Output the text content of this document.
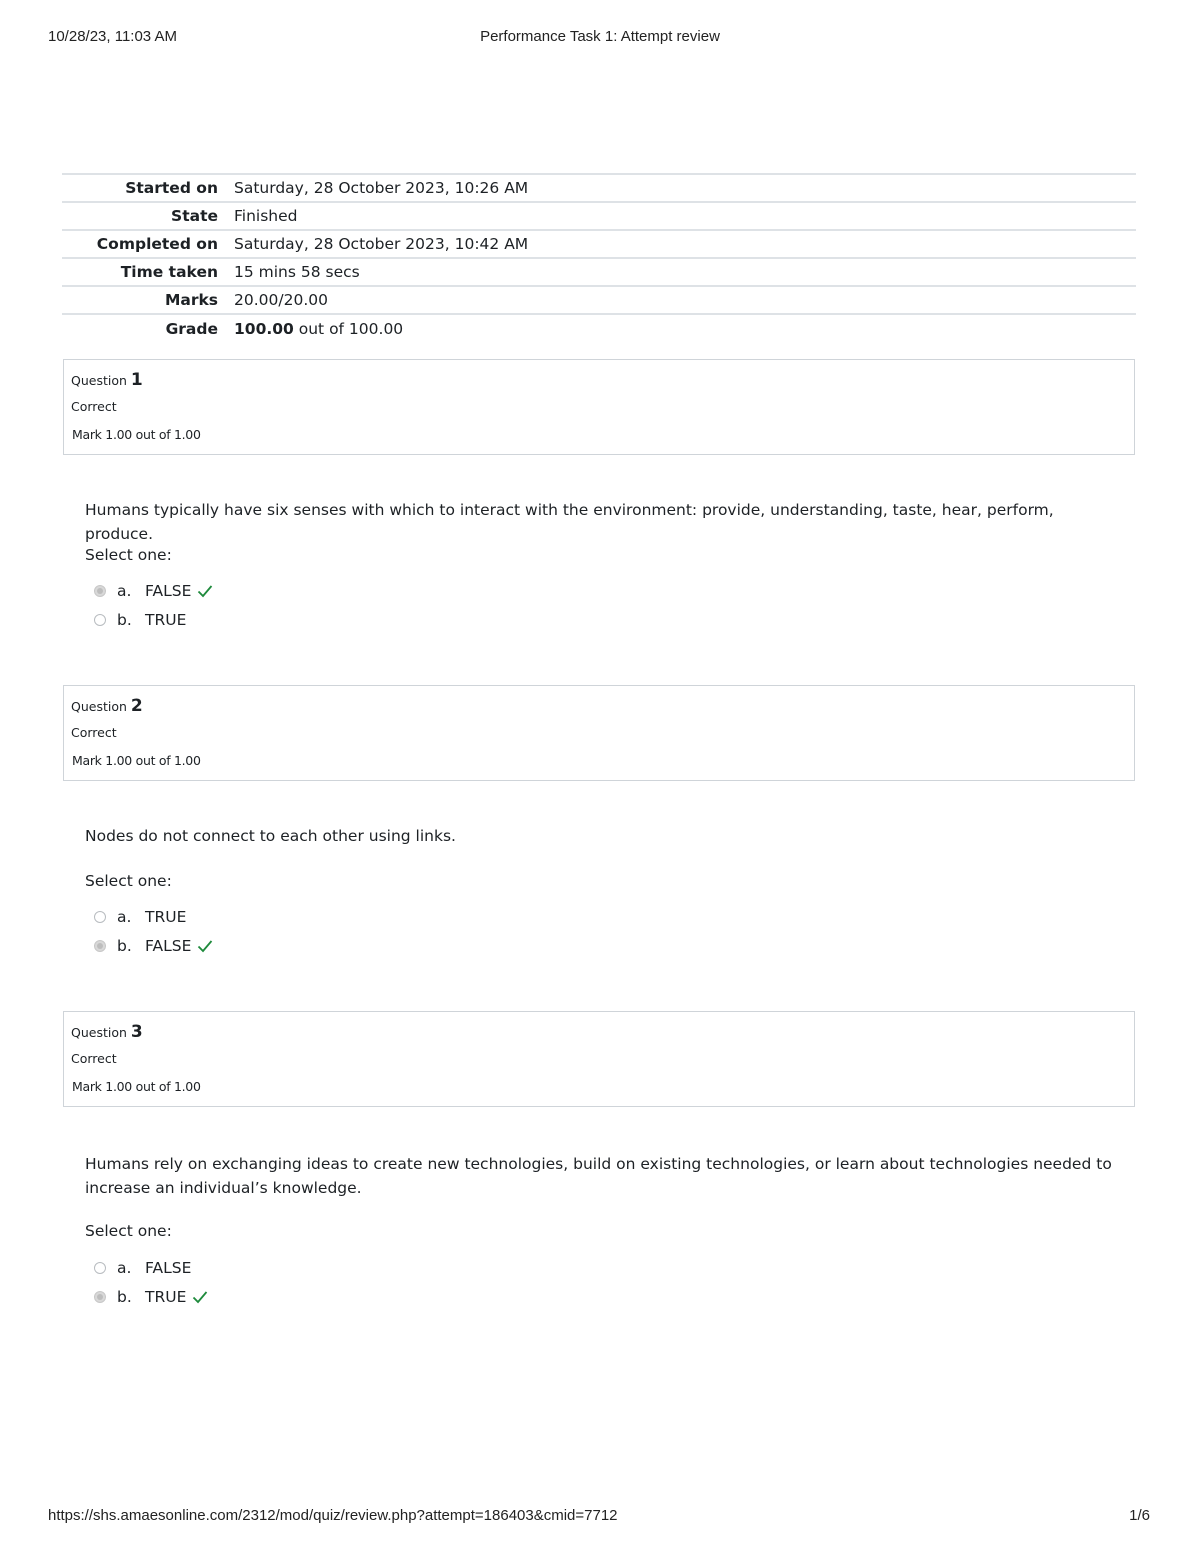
10/28/23, 11:03 AM	Performance Task 1: Attempt review
Started on	Saturday, 28 October 2023, 10:26 AM
State	Finished
Completed on	Saturday, 28 October 2023, 10:42 AM
Time taken	15 mins 58 secs
Marks	20.00/20.00
Grade	100.00 out of 100.00
Question 1
Correct
Mark 1.00 out of 1.00
Humans typically have six senses with which to interact with the environment: provide, understanding, taste, hear, perform, produce.
Select one:
a. FALSE
b. TRUE
Question 2
Correct
Mark 1.00 out of 1.00
Nodes do not connect to each other using links.
Select one:
a. TRUE
b. FALSE
Question 3
Correct
Mark 1.00 out of 1.00
Humans rely on exchanging ideas to create new technologies, build on existing technologies, or learn about technologies needed to increase an individual’s knowledge.
Select one:
a. FALSE
b. TRUE
https://shs.amaesonline.com/2312/mod/quiz/review.php?attempt=186403&cmid=7712	1/6
